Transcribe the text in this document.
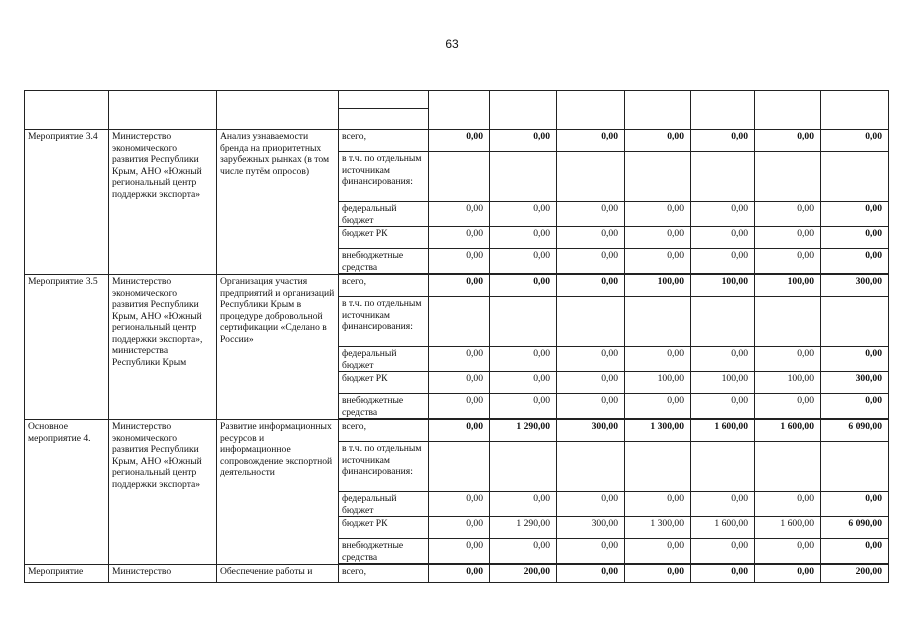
63

Мероприятие 3.4	Министерство экономического развития Республики Крым, АНО «Южный региональный центр поддержки экспорта»	Анализ узнаваемости бренда на приоритетных зарубежных рынках (в том числе путём опросов)	всего,	0,00	0,00	0,00	0,00	0,00	0,00	0,00
			в т.ч. по отдельным источникам финансирования:							
			федеральный бюджет	0,00	0,00	0,00	0,00	0,00	0,00	0,00
			бюджет РК	0,00	0,00	0,00	0,00	0,00	0,00	0,00
			внебюджетные средства	0,00	0,00	0,00	0,00	0,00	0,00	0,00

Мероприятие 3.5	Министерство экономического развития Республики Крым, АНО «Южный региональный центр поддержки экспорта», министерства Республики Крым	Организация участия предприятий и организаций Республики Крым в процедуре добровольной сертификации «Сделано в России»	всего,	0,00	0,00	0,00	100,00	100,00	100,00	300,00
			в т.ч. по отдельным источникам финансирования:							
			федеральный бюджет	0,00	0,00	0,00	0,00	0,00	0,00	0,00
			бюджет РК	0,00	0,00	0,00	100,00	100,00	100,00	300,00
			внебюджетные средства	0,00	0,00	0,00	0,00	0,00	0,00	0,00

Основное мероприятие 4.	Министерство экономического развития Республики Крым, АНО «Южный региональный центр поддержки экспорта»	Развитие информационных ресурсов и информационное сопровождение экспортной деятельности	всего,	0,00	1 290,00	300,00	1 300,00	1 600,00	1 600,00	6 090,00
			в т.ч. по отдельным источникам финансирования:							
			федеральный бюджет	0,00	0,00	0,00	0,00	0,00	0,00	0,00
			бюджет РК	0,00	1 290,00	300,00	1 300,00	1 600,00	1 600,00	6 090,00
			внебюджетные средства	0,00	0,00	0,00	0,00	0,00	0,00	0,00

Мероприятие	Министерство	Обеспечение работы и	всего,	0,00	200,00	0,00	0,00	0,00	0,00	200,00
